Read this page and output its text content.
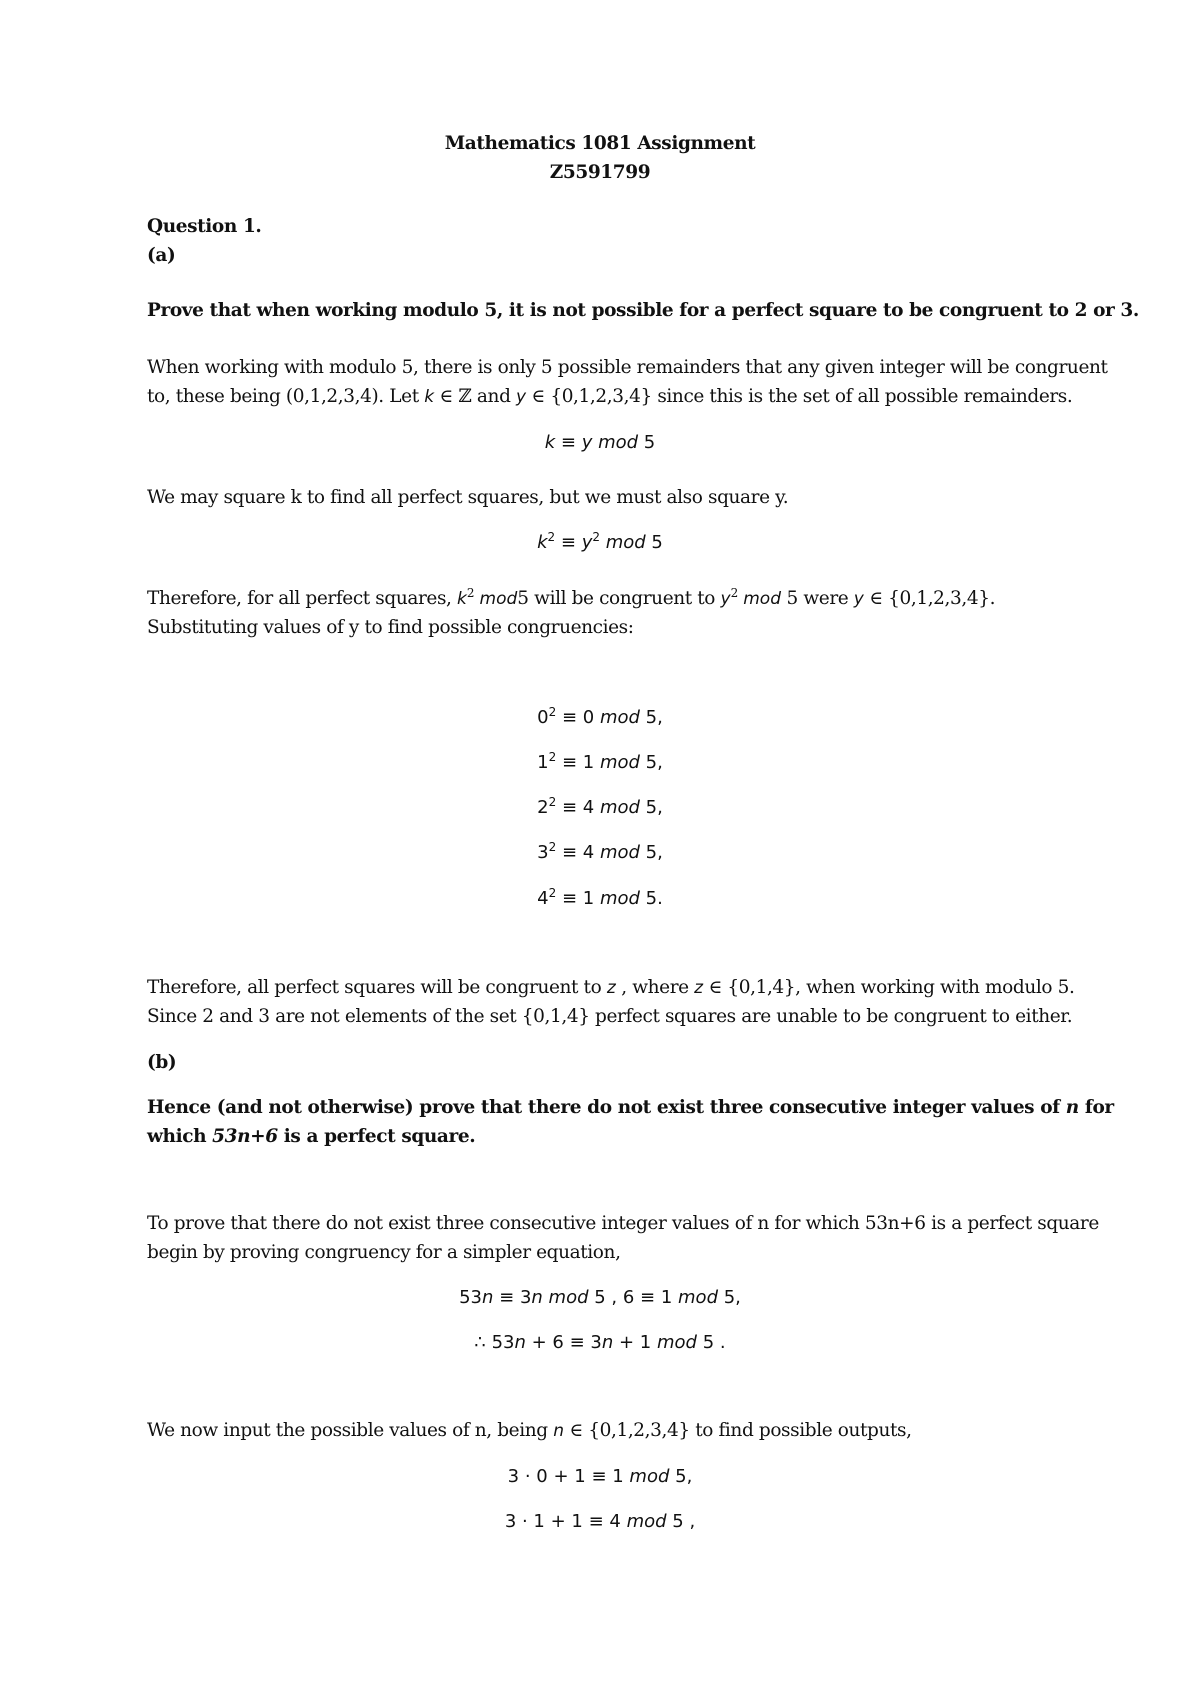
Mathematics 1081 Assignment
Z5591799
Question 1.
(a)
Prove that when working modulo 5, it is not possible for a perfect square to be congruent to 2 or 3.
When working with modulo 5, there is only 5 possible remainders that any given integer will be congruent
to, these being (0,1,2,3,4). Let k ∈ ℤ and y ∈ {0,1,2,3,4} since this is the set of all possible remainders.
k ≡ y mod 5
We may square k to find all perfect squares, but we must also square y.
$k^2 \equiv y^2$ mod 5
Therefore, for all perfect squares, $k^2$ mod5 will be congruent to $y^2$ mod 5 were y ∈ {0,1,2,3,4}.
Substituting values of y to find possible congruencies:
$0^2 \equiv 0$ mod 5,
$1^2 \equiv 1$ mod 5,
$2^2 \equiv 4$ mod 5,
$3^2 \equiv 4$ mod 5,
$4^2 \equiv 1$ mod 5.
Therefore, all perfect squares will be congruent to z , where z ∈ {0,1,4}, when working with modulo 5.
Since 2 and 3 are not elements of the set {0,1,4} perfect squares are unable to be congruent to either.
(b)
Hence (and not otherwise) prove that there do not exist three consecutive integer values of n for
which 53n+6 is a perfect square.
To prove that there do not exist three consecutive integer values of n for which 53n+6 is a perfect square
begin by proving congruency for a simpler equation,
53n ≡ 3n mod 5 , 6 ≡ 1 mod 5,
∴ 53n + 6 ≡ 3n + 1 mod 5 .
We now input the possible values of n, being n ∈ {0,1,2,3,4} to find possible outputs,
3 · 0 + 1 ≡ 1 mod 5,
3 · 1 + 1 ≡ 4 mod 5 ,
